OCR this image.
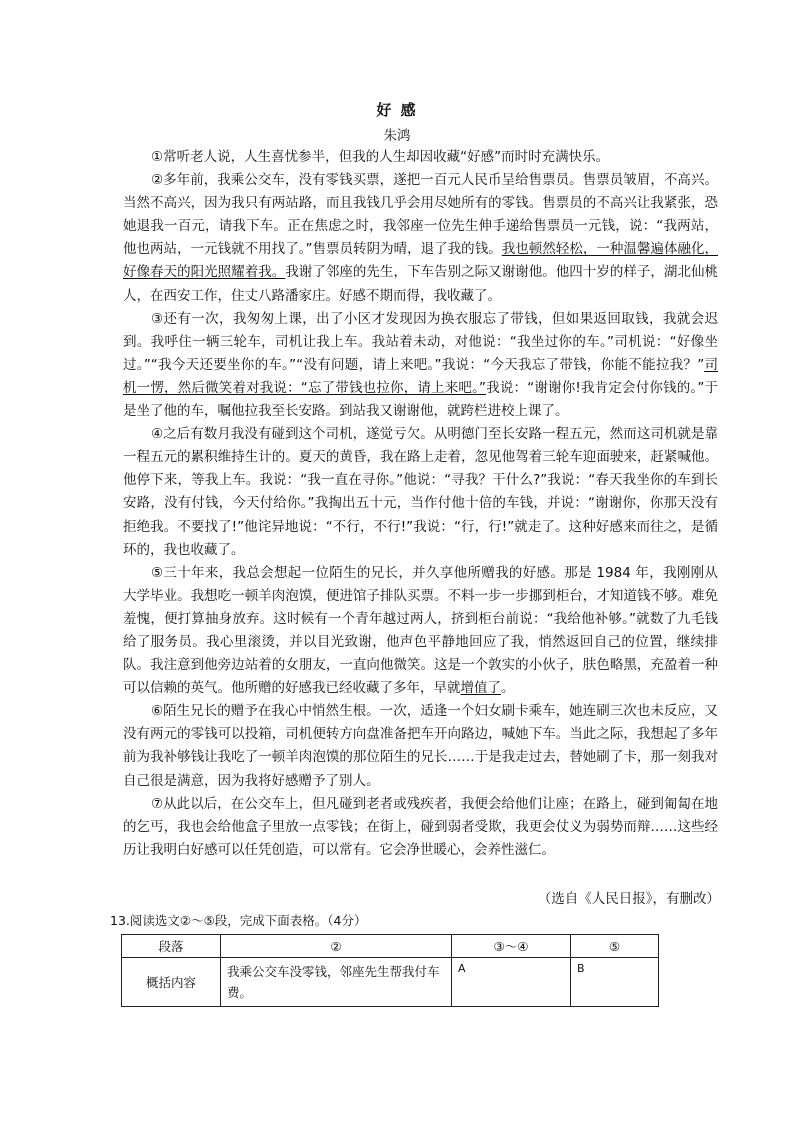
好 感
朱鸿

①常听老人说，人生喜忧参半，但我的人生却因收藏“好感”而时时充满快乐。

②多年前，我乘公交车，没有零钱买票，遂把一百元人民币呈给售票员。售票员皱眉，不高兴。当然不高兴，因为我只有两站路，而且我钱几乎会用尽她所有的零钱。售票员的不高兴让我紧张，恐她退我一百元，请我下车。正在焦虑之时，我邻座一位先生伸手递给售票员一元钱，说：“我两站，他也两站，一元钱就不用找了。”售票员转阴为晴，退了我的钱。我也顿然轻松，一种温馨遍体融化，好像春天的阳光照耀着我。我谢了邻座的先生，下车告别之际又谢谢他。他四十岁的样子，湖北仙桃人，在西安工作，住丈八路潘家庄。好感不期而得，我收藏了。

③还有一次，我匆匆上课，出了小区才发现因为换衣服忘了带钱，但如果返回取钱，我就会迟到。我呼住一辆三轮车，司机让我上车。我站着未动，对他说：“我坐过你的车。”司机说：“好像坐过。”“我今天还要坐你的车。”“没有问题，请上来吧。”我说：“今天我忘了带钱，你能不能拉我？”司机一愣，然后微笑着对我说：“忘了带钱也拉你，请上来吧。”我说：“谢谢你!我肯定会付你钱的。”于是坐了他的车，嘱他拉我至长安路。到站我又谢谢他，就跨栏进校上课了。

④之后有数月我没有碰到这个司机，遂觉亏欠。从明德门至长安路一程五元，然而这司机就是靠一程五元的累积维持生计的。夏天的黄昏，我在路上走着，忽见他驾着三轮车迎面驶来，赶紧喊他。他停下来，等我上车。我说：“我一直在寻你。”他说：“寻我？干什么?”我说：“春天我坐你的车到长安路，没有付钱，今天付给你。”我掏出五十元，当作付他十倍的车钱，并说：“谢谢你，你那天没有拒绝我。不要找了!”他诧异地说：“不行，不行!”我说：“行，行!”就走了。这种好感来而往之，是循环的，我也收藏了。

⑤三十年来，我总会想起一位陌生的兄长，并久享他所赠我的好感。那是 1984 年，我刚刚从大学毕业。我想吃一顿羊肉泡馍，便进馆子排队买票。不料一步一步挪到柜台，才知道钱不够。难免羞愧，便打算抽身放弃。这时候有一个青年越过两人，挤到柜台前说：“我给他补够。”就数了九毛钱给了服务员。我心里滚烫，并以目光致谢，他声色平静地回应了我，悄然返回自己的位置，继续排队。我注意到他旁边站着的女朋友，一直向他微笑。这是一个敦实的小伙子，肤色略黑，充盈着一种可以信赖的英气。他所赠的好感我已经收藏了多年，早就增值了。

⑥陌生兄长的赠予在我心中悄然生根。一次，适逢一个妇女刷卡乘车，她连刷三次也未反应，又没有两元的零钱可以投箱，司机便转方向盘准备把车开向路边，喊她下车。当此之际，我想起了多年前为我补够钱让我吃了一顿羊肉泡馍的那位陌生的兄长……于是我走过去，替她刷了卡，那一刻我对自己很是满意，因为我将好感赠予了别人。

⑦从此以后，在公交车上，但凡碰到老者或残疾者，我便会给他们让座；在路上，碰到匍匐在地的乞丐，我也会给他盒子里放一点零钱；在街上，碰到弱者受欺，我更会仗义为弱势而辩……这些经历让我明白好感可以任凭创造，可以常有。它会净世暖心，会养性滋仁。

（选自《人民日报》，有删改）
13.阅读选文②～⑤段，完成下面表格。（4分）
段落	②	③～④	⑤
概括内容	我乘公交车没零钱，邻座先生帮我付车费。	A	B
